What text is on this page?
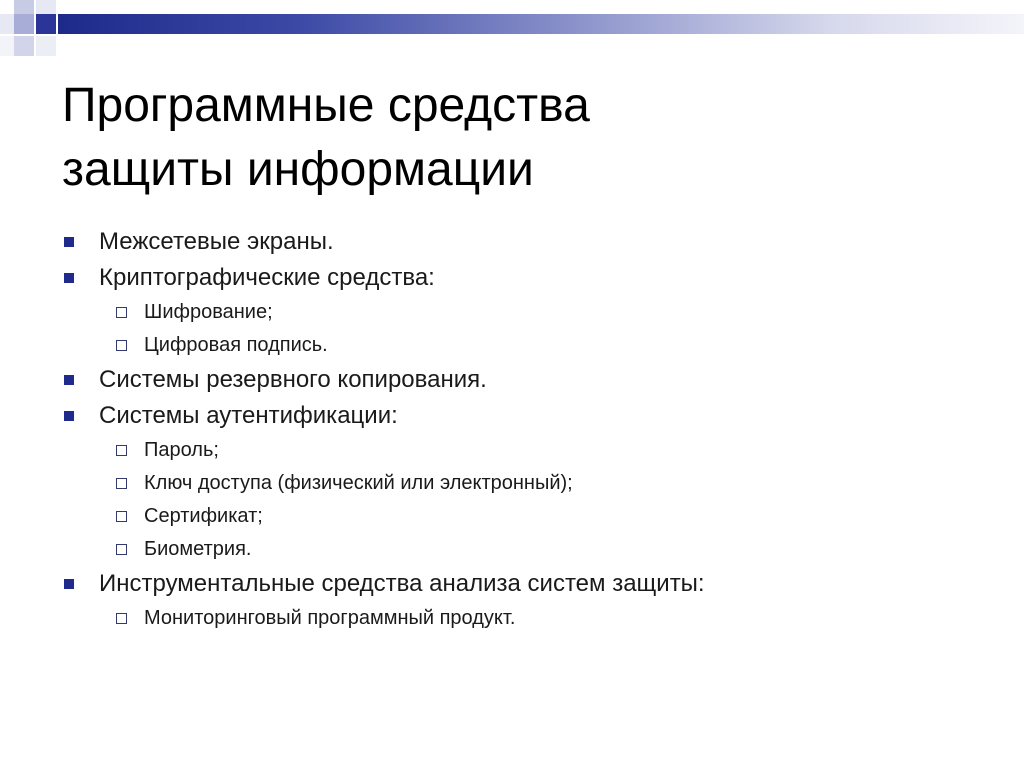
Программные средства
защиты информации
Межсетевые экраны.
Криптографические средства:
Шифрование;
Цифровая подпись.
Системы резервного копирования.
Системы аутентификации:
Пароль;
Ключ доступа (физический или электронный);
Сертификат;
Биометрия.
Инструментальные средства анализа систем защиты:
Мониторинговый программный продукт.
